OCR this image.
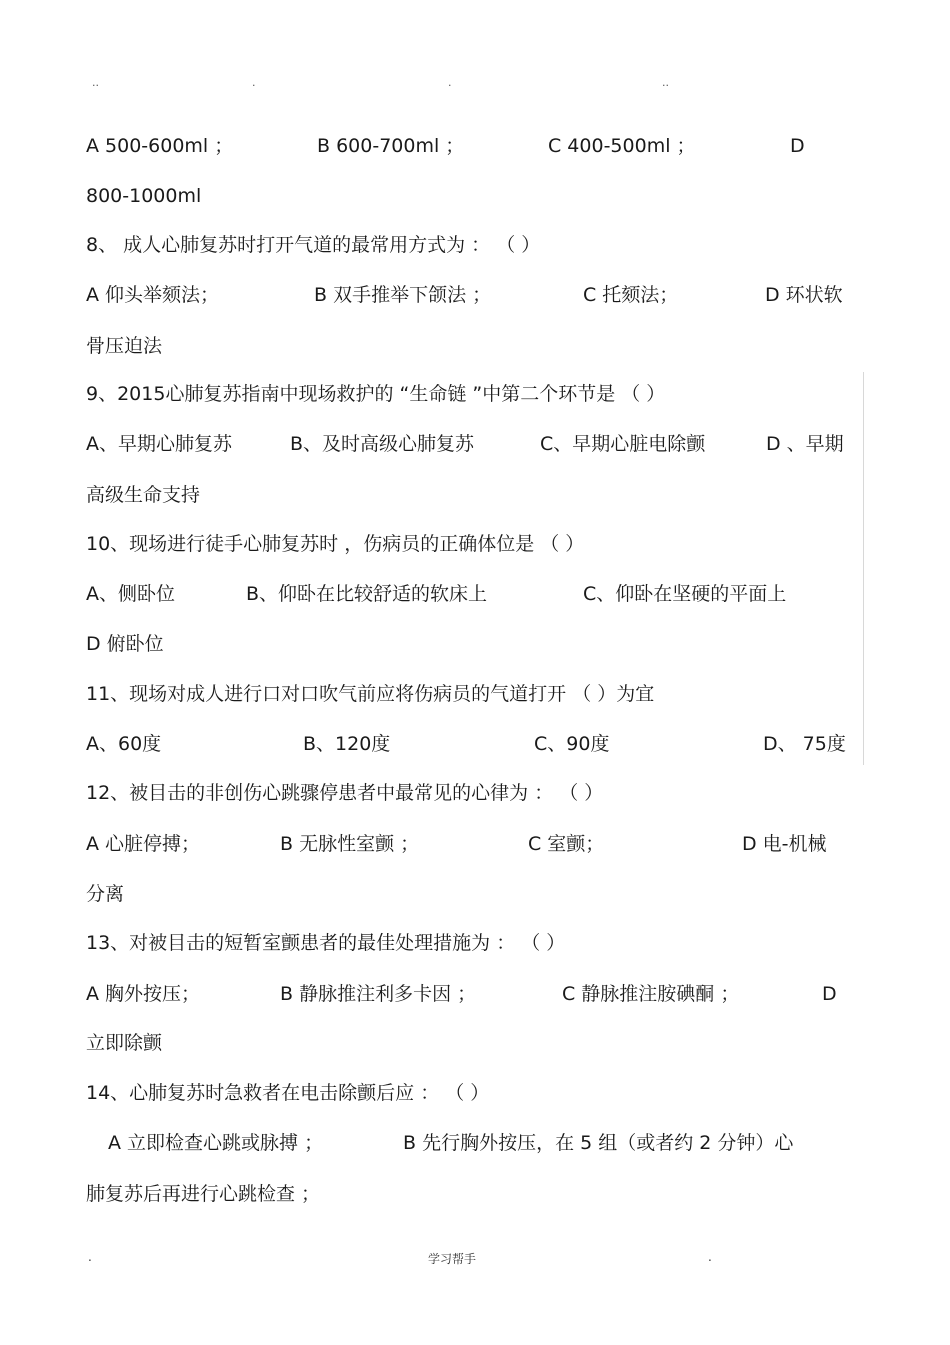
..	.	.	..
A 500-600ml ；	B 600-700ml ；	C 400-500ml ；	D
800-1000ml
8、 成人心肺复苏时打开气道的最常用方式为 ： （ ）
A 仰头举颏法；	B 双手推举下颌法 ；	C 托颏法；	D 环状软
骨压迫法
9、2015心肺复苏指南中现场救护的 “生命链 ”中第二个环节是 （ ）
A、早期心肺复苏	B、及时高级心肺复苏	C、早期心脏电除颤	D 、早期
高级生命支持
10、现场进行徒手心肺复苏时 ，伤病员的正确体位是 （ ）
A、侧卧位	B、仰卧在比较舒适的软床上	C、仰卧在坚硬的平面上
D 俯卧位
11、现场对成人进行口对口吹气前应将伤病员的气道打开 （ ）为宜
A、60度	B、120度	C、90度	D、 75度
12、被目击的非创伤心跳骤停患者中最常见的心律为 ： （ ）
A 心脏停搏；	B 无脉性室颤 ；	C 室颤；	D 电-机械
分离
13、对被目击的短暂室颤患者的最佳处理措施为 ： （ ）
A 胸外按压；	B 静脉推注利多卡因 ；	C 静脉推注胺碘酮 ；	D
立即除颤
14、心肺复苏时急救者在电击除颤后应 ： （ ）
A 立即检查心跳或脉搏 ；	B 先行胸外按压，在 5 组（或者约 2 分钟）心
肺复苏后再进行心跳检查 ；
.	学习帮手	.
